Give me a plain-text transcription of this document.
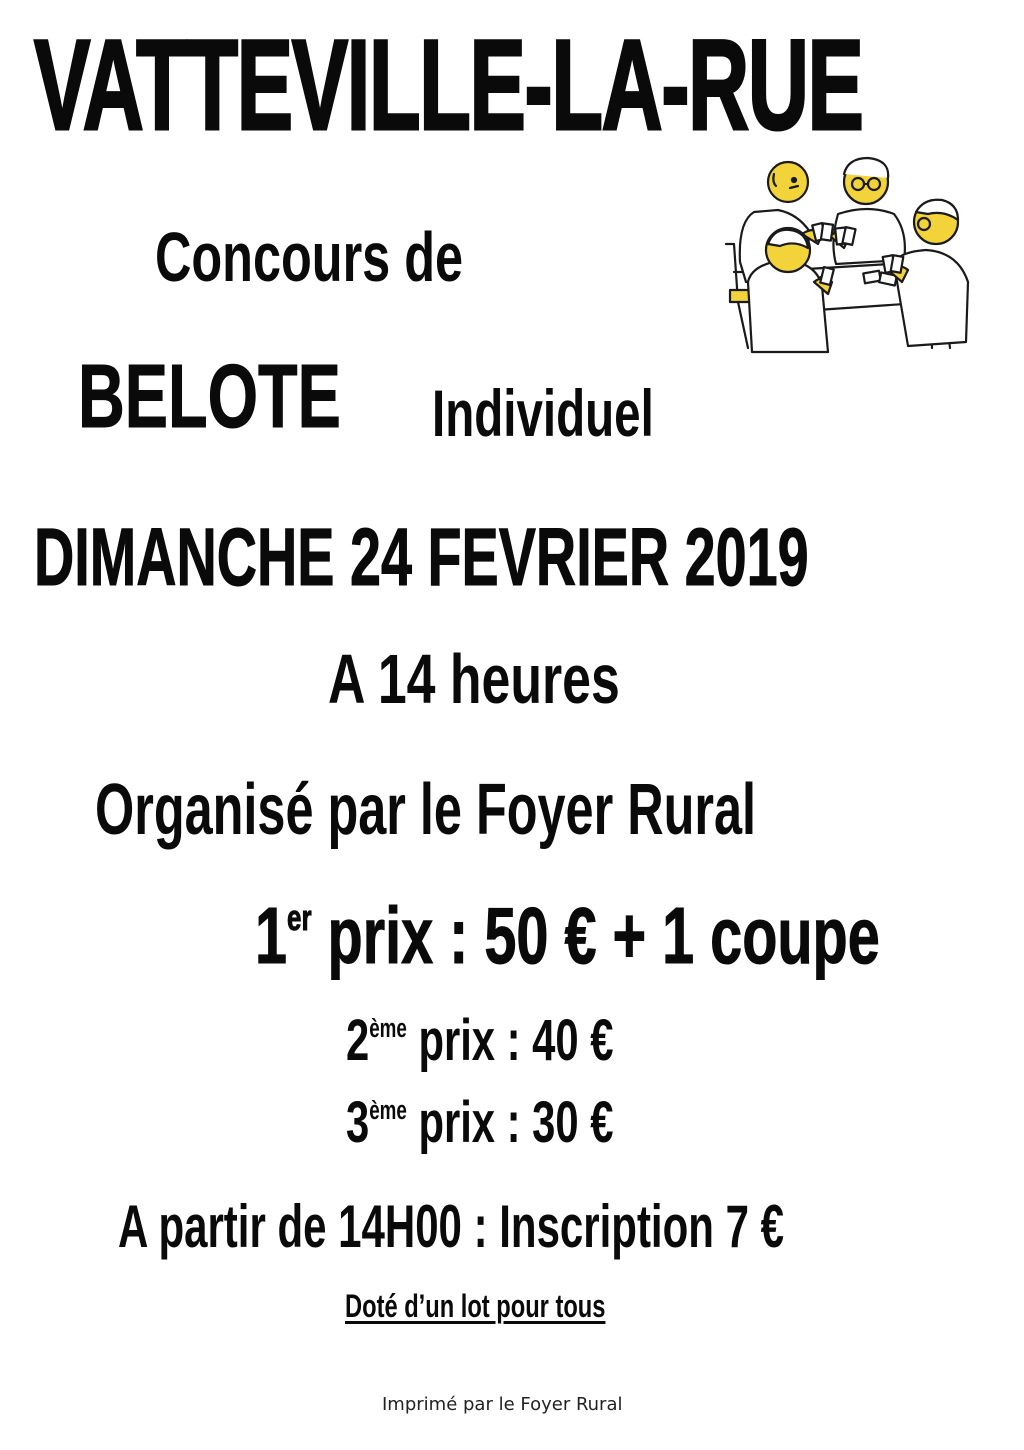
VATTEVILLE-LA-RUE
Concours de
BELOTE Individuel
DIMANCHE 24 FEVRIER 2019
A 14 heures
Organisé par le Foyer Rural
1er prix : 50 € + 1 coupe
2ème prix : 40 €
3ème prix : 30 €
A partir de 14H00 : Inscription 7 €
Doté d’un lot pour tous
Imprimé par le Foyer Rural
